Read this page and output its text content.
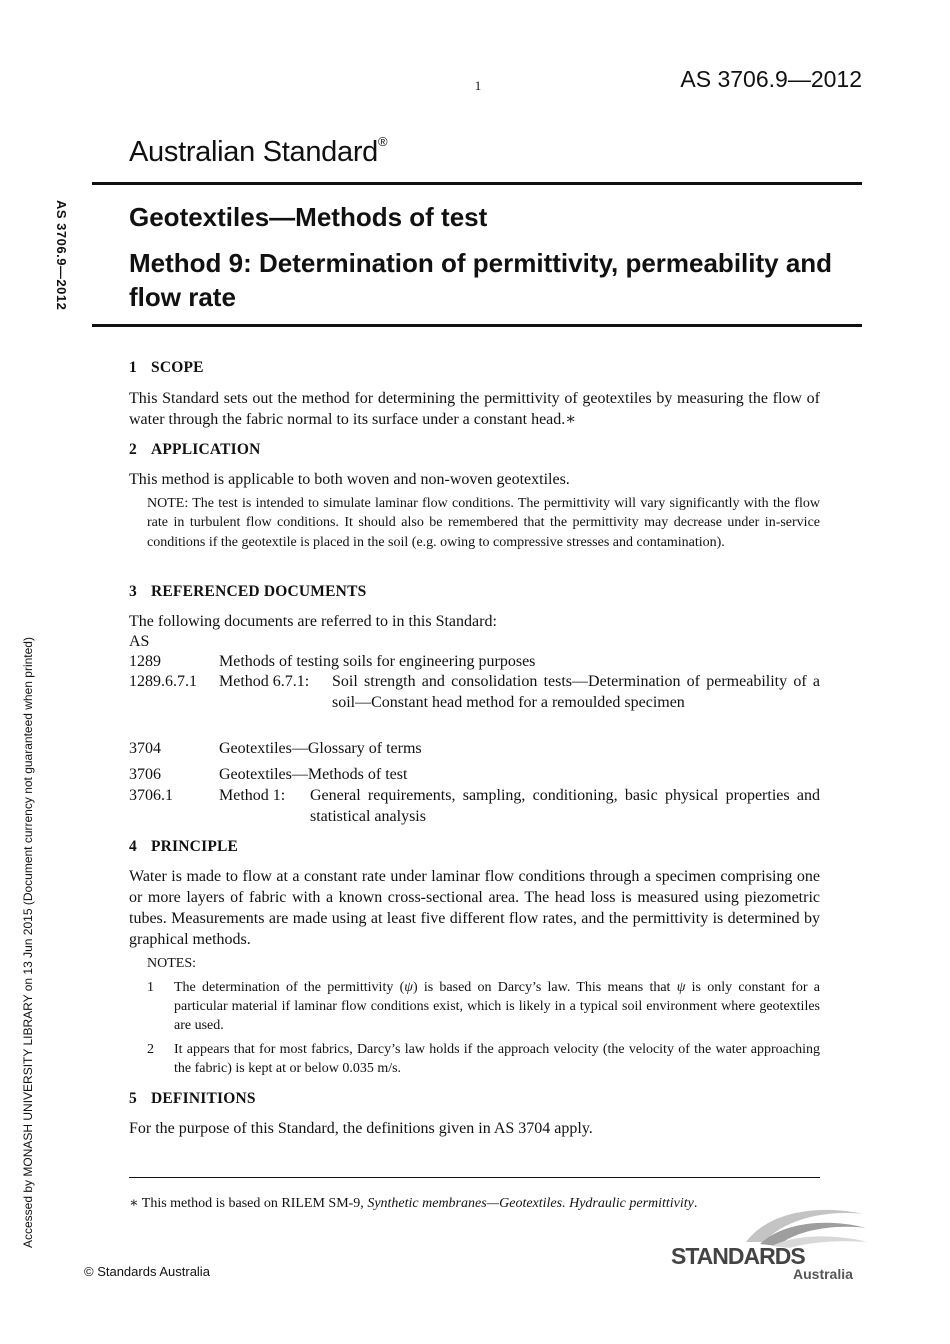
1	AS 3706.9—2012
Australian Standard®
Geotextiles—Methods of test
Method 9: Determination of permittivity, permeability and flow rate
AS 3706.9—2012
Accessed by MONASH UNIVERSITY LIBRARY on 13 Jun 2015 (Document currency not guaranteed when printed)
1 SCOPE
This Standard sets out the method for determining the permittivity of geotextiles by measuring the flow of water through the fabric normal to its surface under a constant head.∗
2 APPLICATION
This method is applicable to both woven and non-woven geotextiles.
NOTE: The test is intended to simulate laminar flow conditions. The permittivity will vary significantly with the flow rate in turbulent flow conditions. It should also be remembered that the permittivity may decrease under in-service conditions if the geotextile is placed in the soil (e.g. owing to compressive stresses and contamination).
3 REFERENCED DOCUMENTS
The following documents are referred to in this Standard:
AS
1289	Methods of testing soils for engineering purposes
1289.6.7.1	Method 6.7.1: Soil strength and consolidation tests—Determination of permeability of a soil—Constant head method for a remoulded specimen
3704	Geotextiles—Glossary of terms
3706	Geotextiles—Methods of test
3706.1	Method 1: General requirements, sampling, conditioning, basic physical properties and statistical analysis
4 PRINCIPLE
Water is made to flow at a constant rate under laminar flow conditions through a specimen comprising one or more layers of fabric with a known cross-sectional area. The head loss is measured using piezometric tubes. Measurements are made using at least five different flow rates, and the permittivity is determined by graphical methods.
NOTES:
1 The determination of the permittivity (ψ) is based on Darcy’s law. This means that ψ is only constant for a particular material if laminar flow conditions exist, which is likely in a typical soil environment where geotextiles are used.
2 It appears that for most fabrics, Darcy’s law holds if the approach velocity (the velocity of the water approaching the fabric) is kept at or below 0.035 m/s.
5 DEFINITIONS
For the purpose of this Standard, the definitions given in AS 3704 apply.
∗ This method is based on RILEM SM-9, Synthetic membranes—Geotextiles. Hydraulic permittivity.
© Standards Australia
STANDARDS
Australia
